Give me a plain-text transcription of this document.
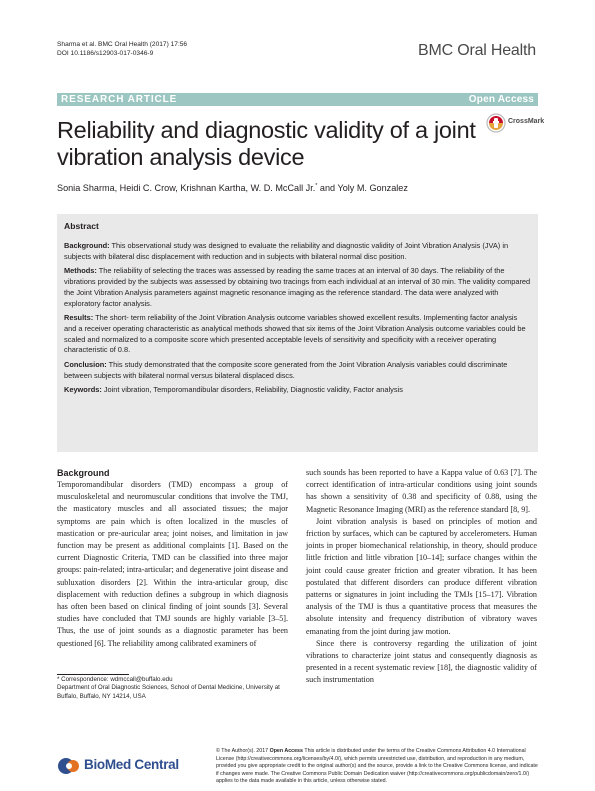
Sharma et al. BMC Oral Health (2017) 17:56
DOI 10.1186/s12903-017-0346-9	BMC Oral Health
RESEARCH ARTICLE	Open Access
Reliability and diagnostic validity of a joint vibration analysis device
CrossMark
Sonia Sharma, Heidi C. Crow, Krishnan Kartha, W. D. McCall Jr.* and Yoly M. Gonzalez
Abstract

Background: This observational study was designed to evaluate the reliability and diagnostic validity of Joint Vibration Analysis (JVA) in subjects with bilateral disc displacement with reduction and in subjects with bilateral normal disc position.

Methods: The reliability of selecting the traces was assessed by reading the same traces at an interval of 30 days. The reliability of the vibrations provided by the subjects was assessed by obtaining two tracings from each individual at an interval of 30 min. The validity compared the Joint Vibration Analysis parameters against magnetic resonance imaging as the reference standard. The data were analyzed with exploratory factor analysis.

Results: The short- term reliability of the Joint Vibration Analysis outcome variables showed excellent results. Implementing factor analysis and a receiver operating characteristic as analytical methods showed that six items of the Joint Vibration Analysis outcome variables could be scaled and normalized to a composite score which presented acceptable levels of sensitivity and specificity with a receiver operating characteristic of 0.8.

Conclusion: This study demonstrated that the composite score generated from the Joint Vibration Analysis variables could discriminate between subjects with bilateral normal versus bilateral displaced discs.

Keywords: Joint vibration, Temporomandibular disorders, Reliability, Diagnostic validity, Factor analysis

Background

Temporomandibular disorders (TMD) encompass a group of musculoskeletal and neuromuscular conditions that involve the TMJ, the masticatory muscles and all associated tissues; the major symptoms are pain which is often localized in the muscles of mastication or pre-auricular area; joint noises, and limitation in jaw function may be present as additional complaints [1]. Based on the current Diagnostic Criteria, TMD can be classified into three major groups: pain-related; intra-articular; and degenerative joint disease and subluxation disorders [2]. Within the intra-articular group, disc displacement with reduction defines a subgroup in which diagnosis has often been based on clinical finding of joint sounds [3]. Several studies have concluded that TMJ sounds are highly variable [3–5]. Thus, the use of joint sounds as a diagnostic parameter has been questioned [6]. The reliability among calibrated examiners of

such sounds has been reported to have a Kappa value of 0.63 [7]. The correct identification of intra-articular conditions using joint sounds has shown a sensitivity of 0.38 and specificity of 0.88, using the Magnetic Resonance Imaging (MRI) as the reference standard [8, 9].

Joint vibration analysis is based on principles of motion and friction by surfaces, which can be captured by accelerometers. Human joints in proper biomechanical relationship, in theory, should produce little friction and little vibration [10–14]; surface changes within the joint could cause greater friction and greater vibration. It has been postulated that different disorders can produce different vibration patterns or signatures in joint including the TMJs [15–17]. Vibration analysis of the TMJ is thus a quantitative process that measures the absolute intensity and frequency distribution of vibratory waves emanating from the joint during jaw motion.

Since there is controversy regarding the utilization of joint vibrations to characterize joint status and consequently diagnosis as presented in a recent systematic review [18], the diagnostic validity of such instrumentation

* Correspondence: wdmccall@buffalo.edu
Department of Oral Diagnostic Sciences, School of Dental Medicine, University at Buffalo, Buffalo, NY 14214, USA
BioMed Central
© The Author(s). 2017 Open Access This article is distributed under the terms of the Creative Commons Attribution 4.0 International License (http://creativecommons.org/licenses/by/4.0/), which permits unrestricted use, distribution, and reproduction in any medium, provided you give appropriate credit to the original author(s) and the source, provide a link to the Creative Commons license, and indicate if changes were made. The Creative Commons Public Domain Dedication waiver (http://creativecommons.org/publicdomain/zero/1.0/) applies to the data made available in this article, unless otherwise stated.
